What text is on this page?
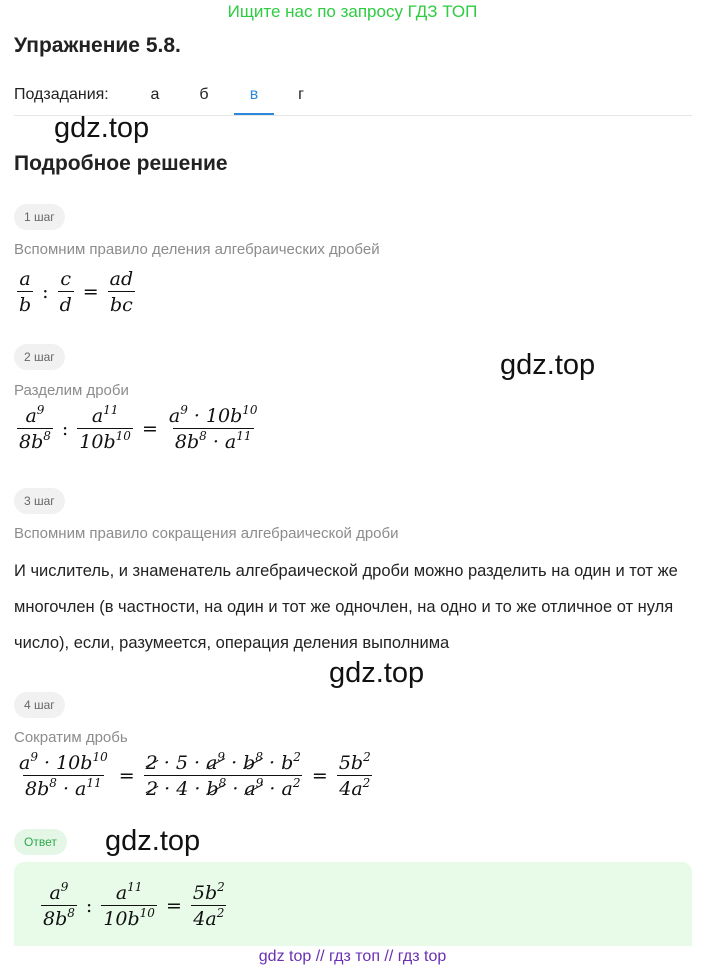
Ищите нас по запросу ГДЗ ТОП
Упражнение 5.8.
Подзадания:	а	б	в	г
gdz.top
Подробное решение
1 шаг
Вспомним правило деления алгебраических дробей
$\frac{a}{b}$ : $\frac{c}{d} = \frac{ad}{bc}$
gdz.top
2 шаг
Разделим дроби
$\frac{a^9}{8b^8}$ : $\frac{a^{11}}{10b^{10}} = \frac{a^9 \cdot 10b^{10}}{8b^8 \cdot a^{11}}$
3 шаг
Вспомним правило сокращения алгебраической дроби
И числитель, и знаменатель алгебраической дроби можно разделить на один и тот же многочлен (в частности, на один и тот же одночлен, на одно и то же отличное от нуля число), если, разумеется, операция деления выполнима
gdz.top
4 шаг
Сократим дробь
$\frac{a^9 \cdot 10b^{10}}{8b^8 \cdot a^{11}} = \frac{2 \cdot 5 \cdot a^9 \cdot b^8 \cdot b^2}{2 \cdot 4 \cdot b^8 \cdot a^9 \cdot a^2} = \frac{5b^2}{4a^2}$
Ответ	gdz.top
$\frac{a^9}{8b^8}$ : $\frac{a^{11}}{10b^{10}} = \frac{5b^2}{4a^2}$
gdz top // гдз топ // гдз top
